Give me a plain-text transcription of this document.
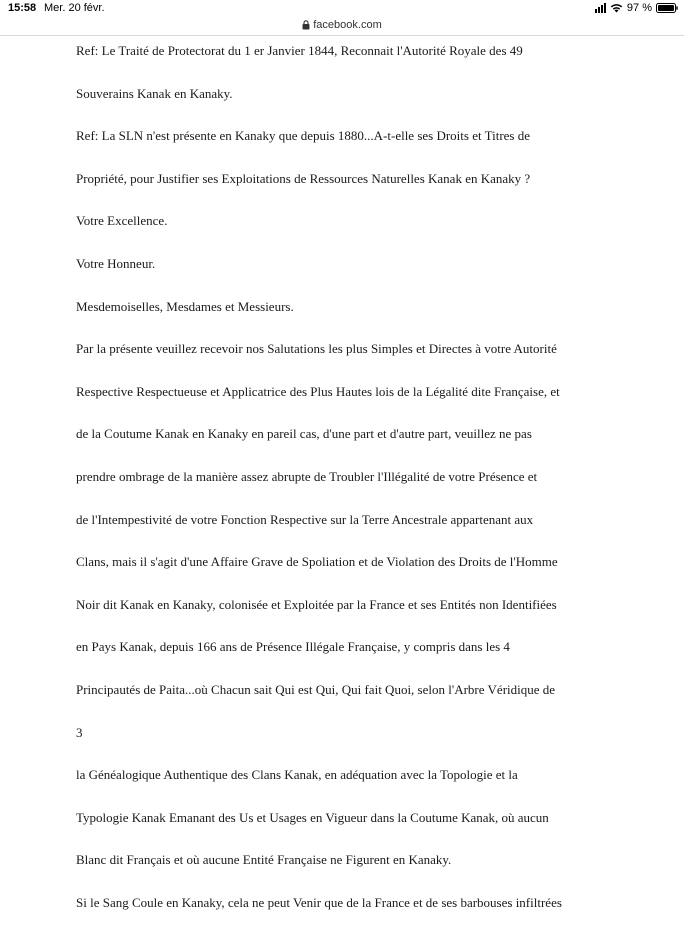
15:58 Mer. 20 févr.	97 %
facebook.com

Ref: Le Traité de Protectorat du 1 er Janvier 1844, Reconnait l'Autorité Royale des 49

Souverains Kanak en Kanaky.

Ref: La SLN n'est présente en Kanaky que depuis 1880...A-t-elle ses Droits et Titres de

Propriété, pour Justifier ses Exploitations de Ressources Naturelles Kanak en Kanaky ?

Votre Excellence.

Votre Honneur.

Mesdemoiselles, Mesdames et Messieurs.

Par la présente veuillez recevoir nos Salutations les plus Simples et Directes à votre Autorité

Respective Respectueuse et Applicatrice des Plus Hautes lois de la Légalité dite Française, et

de la Coutume Kanak en Kanaky en pareil cas, d'une part et d'autre part, veuillez ne pas

prendre ombrage de la manière assez abrupte de Troubler l'Illégalité de votre Présence et

de l'Intempestivité de votre Fonction Respective sur la Terre Ancestrale appartenant aux

Clans, mais il s'agit d'une Affaire Grave de Spoliation et de Violation des Droits de l'Homme

Noir dit Kanak en Kanaky, colonisée et Exploitée par la France et ses Entités non Identifiées

en Pays Kanak, depuis 166 ans de Présence Illégale Française, y compris dans les 4

Principautés de Paita...où Chacun sait Qui est Qui, Qui fait Quoi, selon l'Arbre Véridique de

3

la Généalogique Authentique des Clans Kanak, en adéquation avec la Topologie et la

Typologie Kanak Emanant des Us et Usages en Vigueur dans la Coutume Kanak, où aucun

Blanc dit Français et où aucune Entité Française ne Figurent en Kanaky.

Si le Sang Coule en Kanaky, cela ne peut Venir que de la France et de ses barbouses infiltrées
